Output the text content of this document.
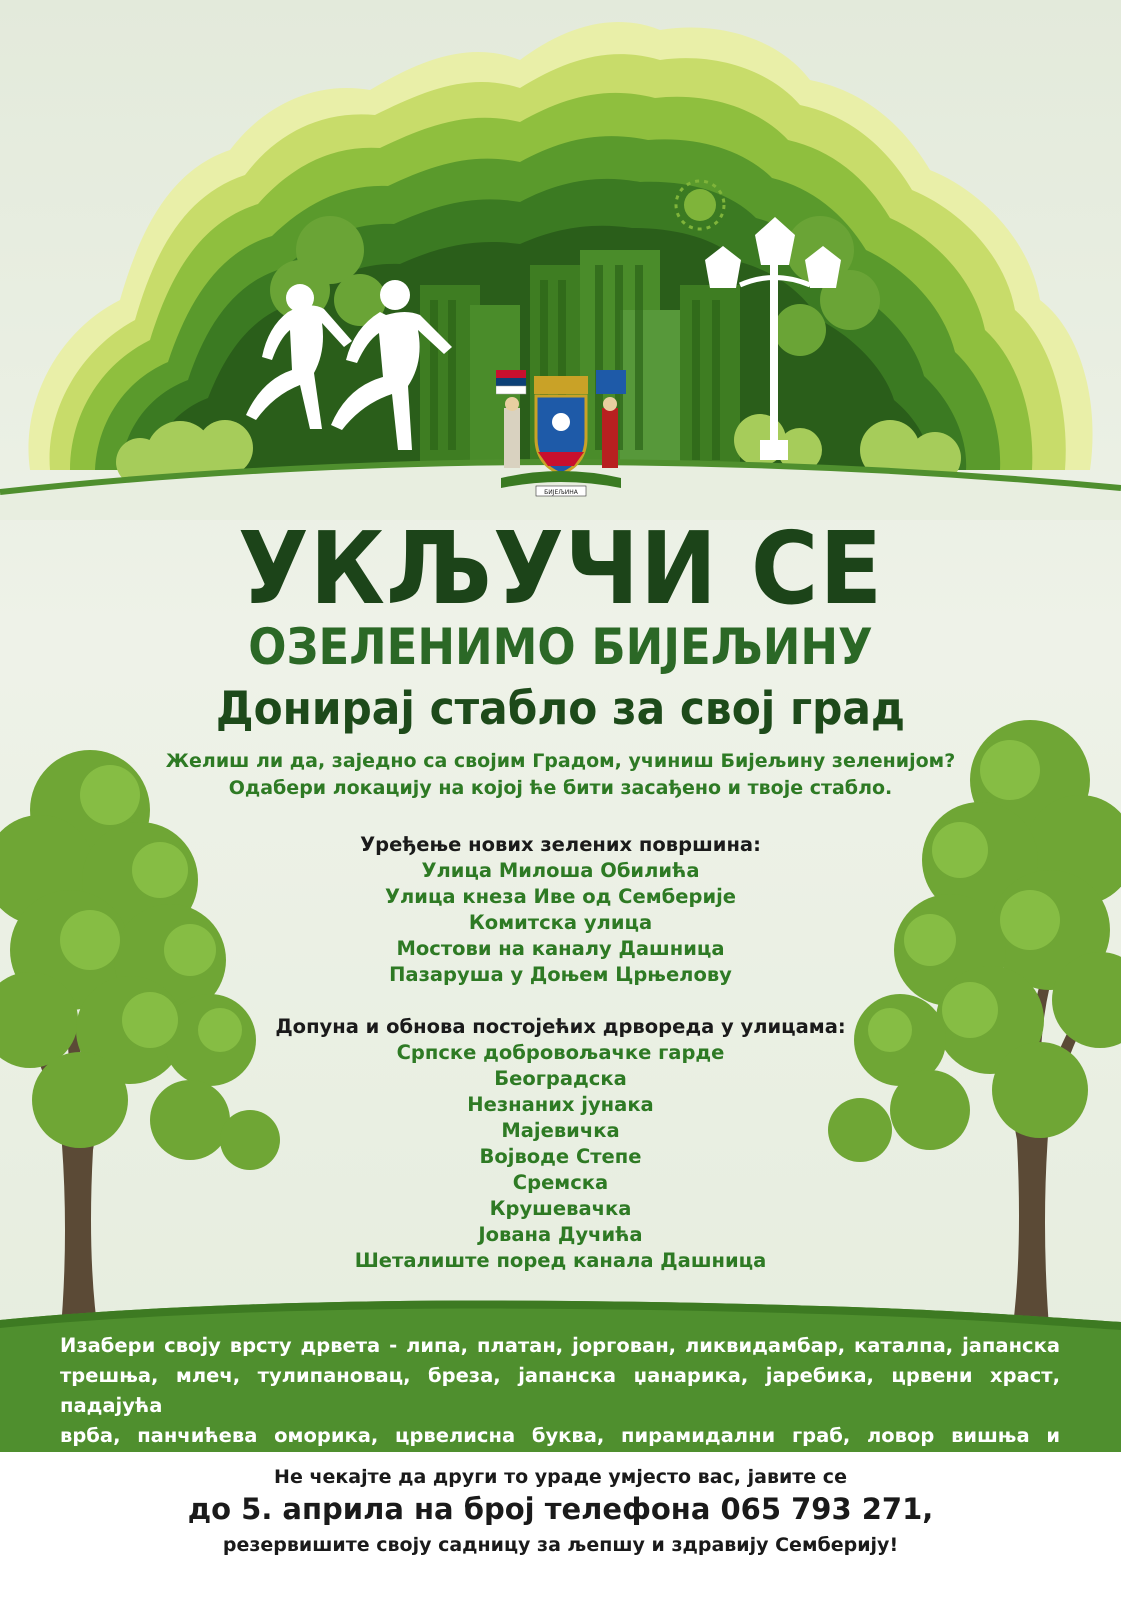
БИЈЕЉИНА
УКЉУЧИ СЕ
ОЗЕЛЕНИМО БИЈЕЉИНУ
Донирај стабло за свој град
Желиш ли да, заједно са својим Градом, учиниш Бијељину зеленијом?
Одабери локацију на којој ће бити засађено и твоје стабло.
Уређење нових зелених површина:
Улица Милоша Обилића
Улица кнеза Иве од Семберије
Комитска улица
Мостови на каналу Дашница
Пазаруша у Доњем Црњелову
Допуна и обнова постојећих дрвореда у улицама:
Српске добровољачке гарде
Београдска
Незнаних јунака
Мајевичка
Војводе Степе
Сремска
Крушевачка
Јована Дучића
Шеталиште поред канала Дашница
Изабери своју врсту дрвета - липа, платан, јоргован, ликвидамбар, каталпа, јапанска
трешња, млеч, тулипановац, бреза, јапанска џанарика, јаребика, црвени храст, падајућа
врба, панчићева оморика, црвелисна буква, пирамидални граб, ловор вишња и
Не чекајте да други то ураде умјесто вас, јавите се
до 5. априла на број телефона 065 793 271,
резервишите своју садницу за љепшу и здравију Семберију!
